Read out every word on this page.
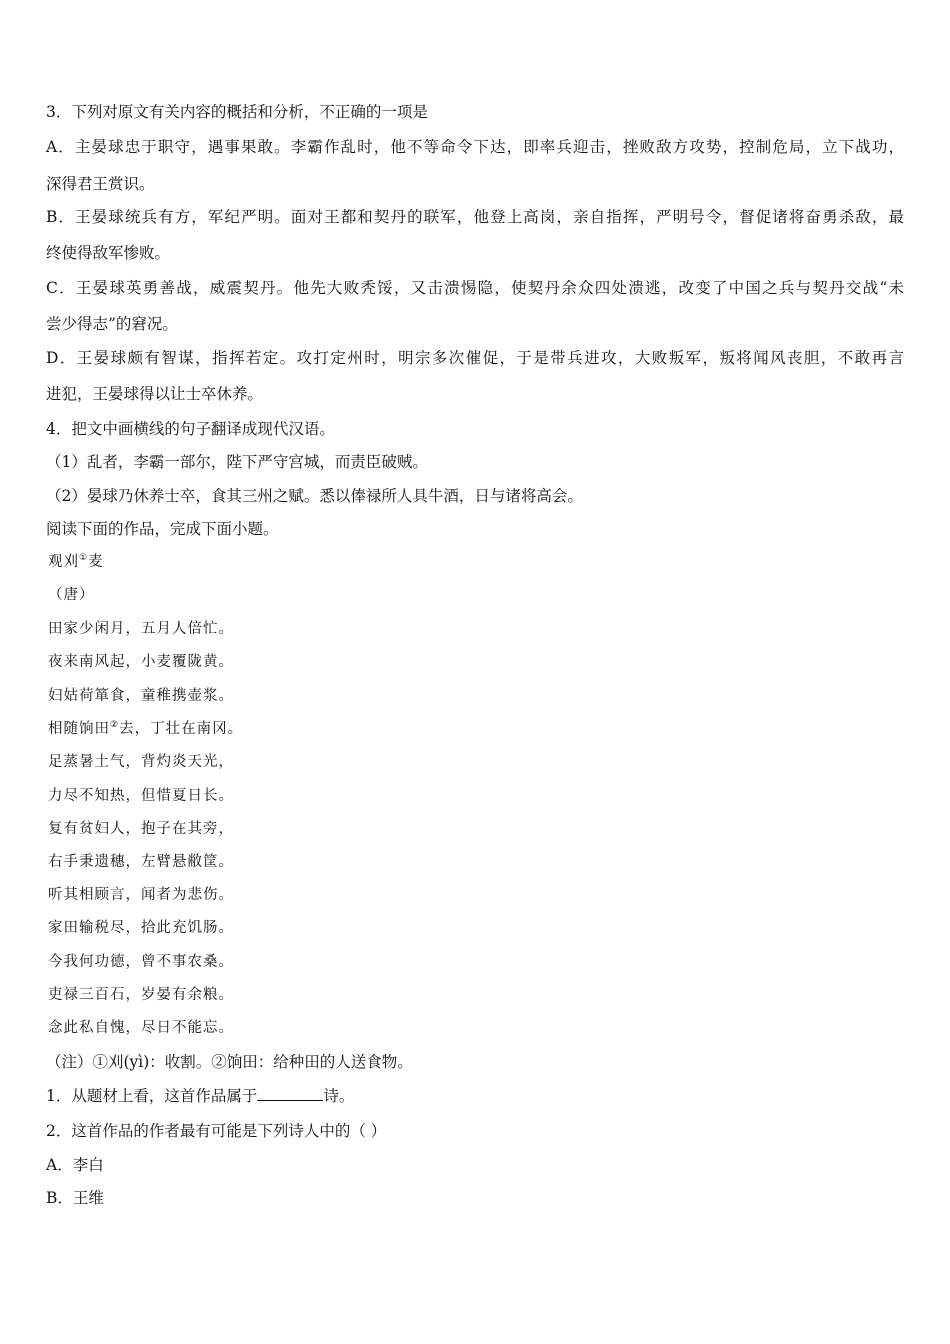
3．下列对原文有关内容的概括和分析，不正确的一项是
A．主晏球忠于职守，遇事果敢。李霸作乱时，他不等命令下达，即率兵迎击，挫败敌方攻势，控制危局，立下战功，
深得君王赏识。
B．王晏球统兵有方，军纪严明。面对王都和契丹的联军，他登上高岗，亲自指挥，严明号令，督促诸将奋勇杀敌，最
终使得敌军惨败。
C．王晏球英勇善战，威震契丹。他先大败秃馁，又击溃惕隐，使契丹余众四处溃逃，改变了中国之兵与契丹交战“未
尝少得志”的窘况。
D．王晏球颇有智谋，指挥若定。攻打定州时，明宗多次催促，于是带兵进攻，大败叛军，叛将闻风丧胆，不敢再言
进犯，王晏球得以让士卒休养。
4．把文中画横线的句子翻译成现代汉语。
（1）乱者，李霸一部尔，陛下严守宫城，而责臣破贼。
（2）晏球乃休养士卒，食其三州之赋。悉以俸禄所人具牛酒，日与诸将高会。
阅读下面的作品，完成下面小题。
观刈①麦
（唐）
田家少闲月，五月人倍忙。
夜来南风起，小麦覆陇黄。
妇姑荷箪食，童稚携壶浆。
相随饷田②去，丁壮在南冈。
足蒸暑土气，背灼炎天光，
力尽不知热，但惜夏日长。
复有贫妇人，抱子在其旁，
右手秉遗穗，左臂悬敝筐。
听其相顾言，闻者为悲伤。
家田输税尽，拾此充饥肠。
今我何功德，曾不事农桑。
吏禄三百石，岁晏有余粮。
念此私自愧，尽日不能忘。
（注）①刈(yì)：收割。②饷田：给种田的人送食物。
1．从题材上看，这首作品属于	诗。
2．这首作品的作者最有可能是下列诗人中的（ ）
A．李白
B．王维
